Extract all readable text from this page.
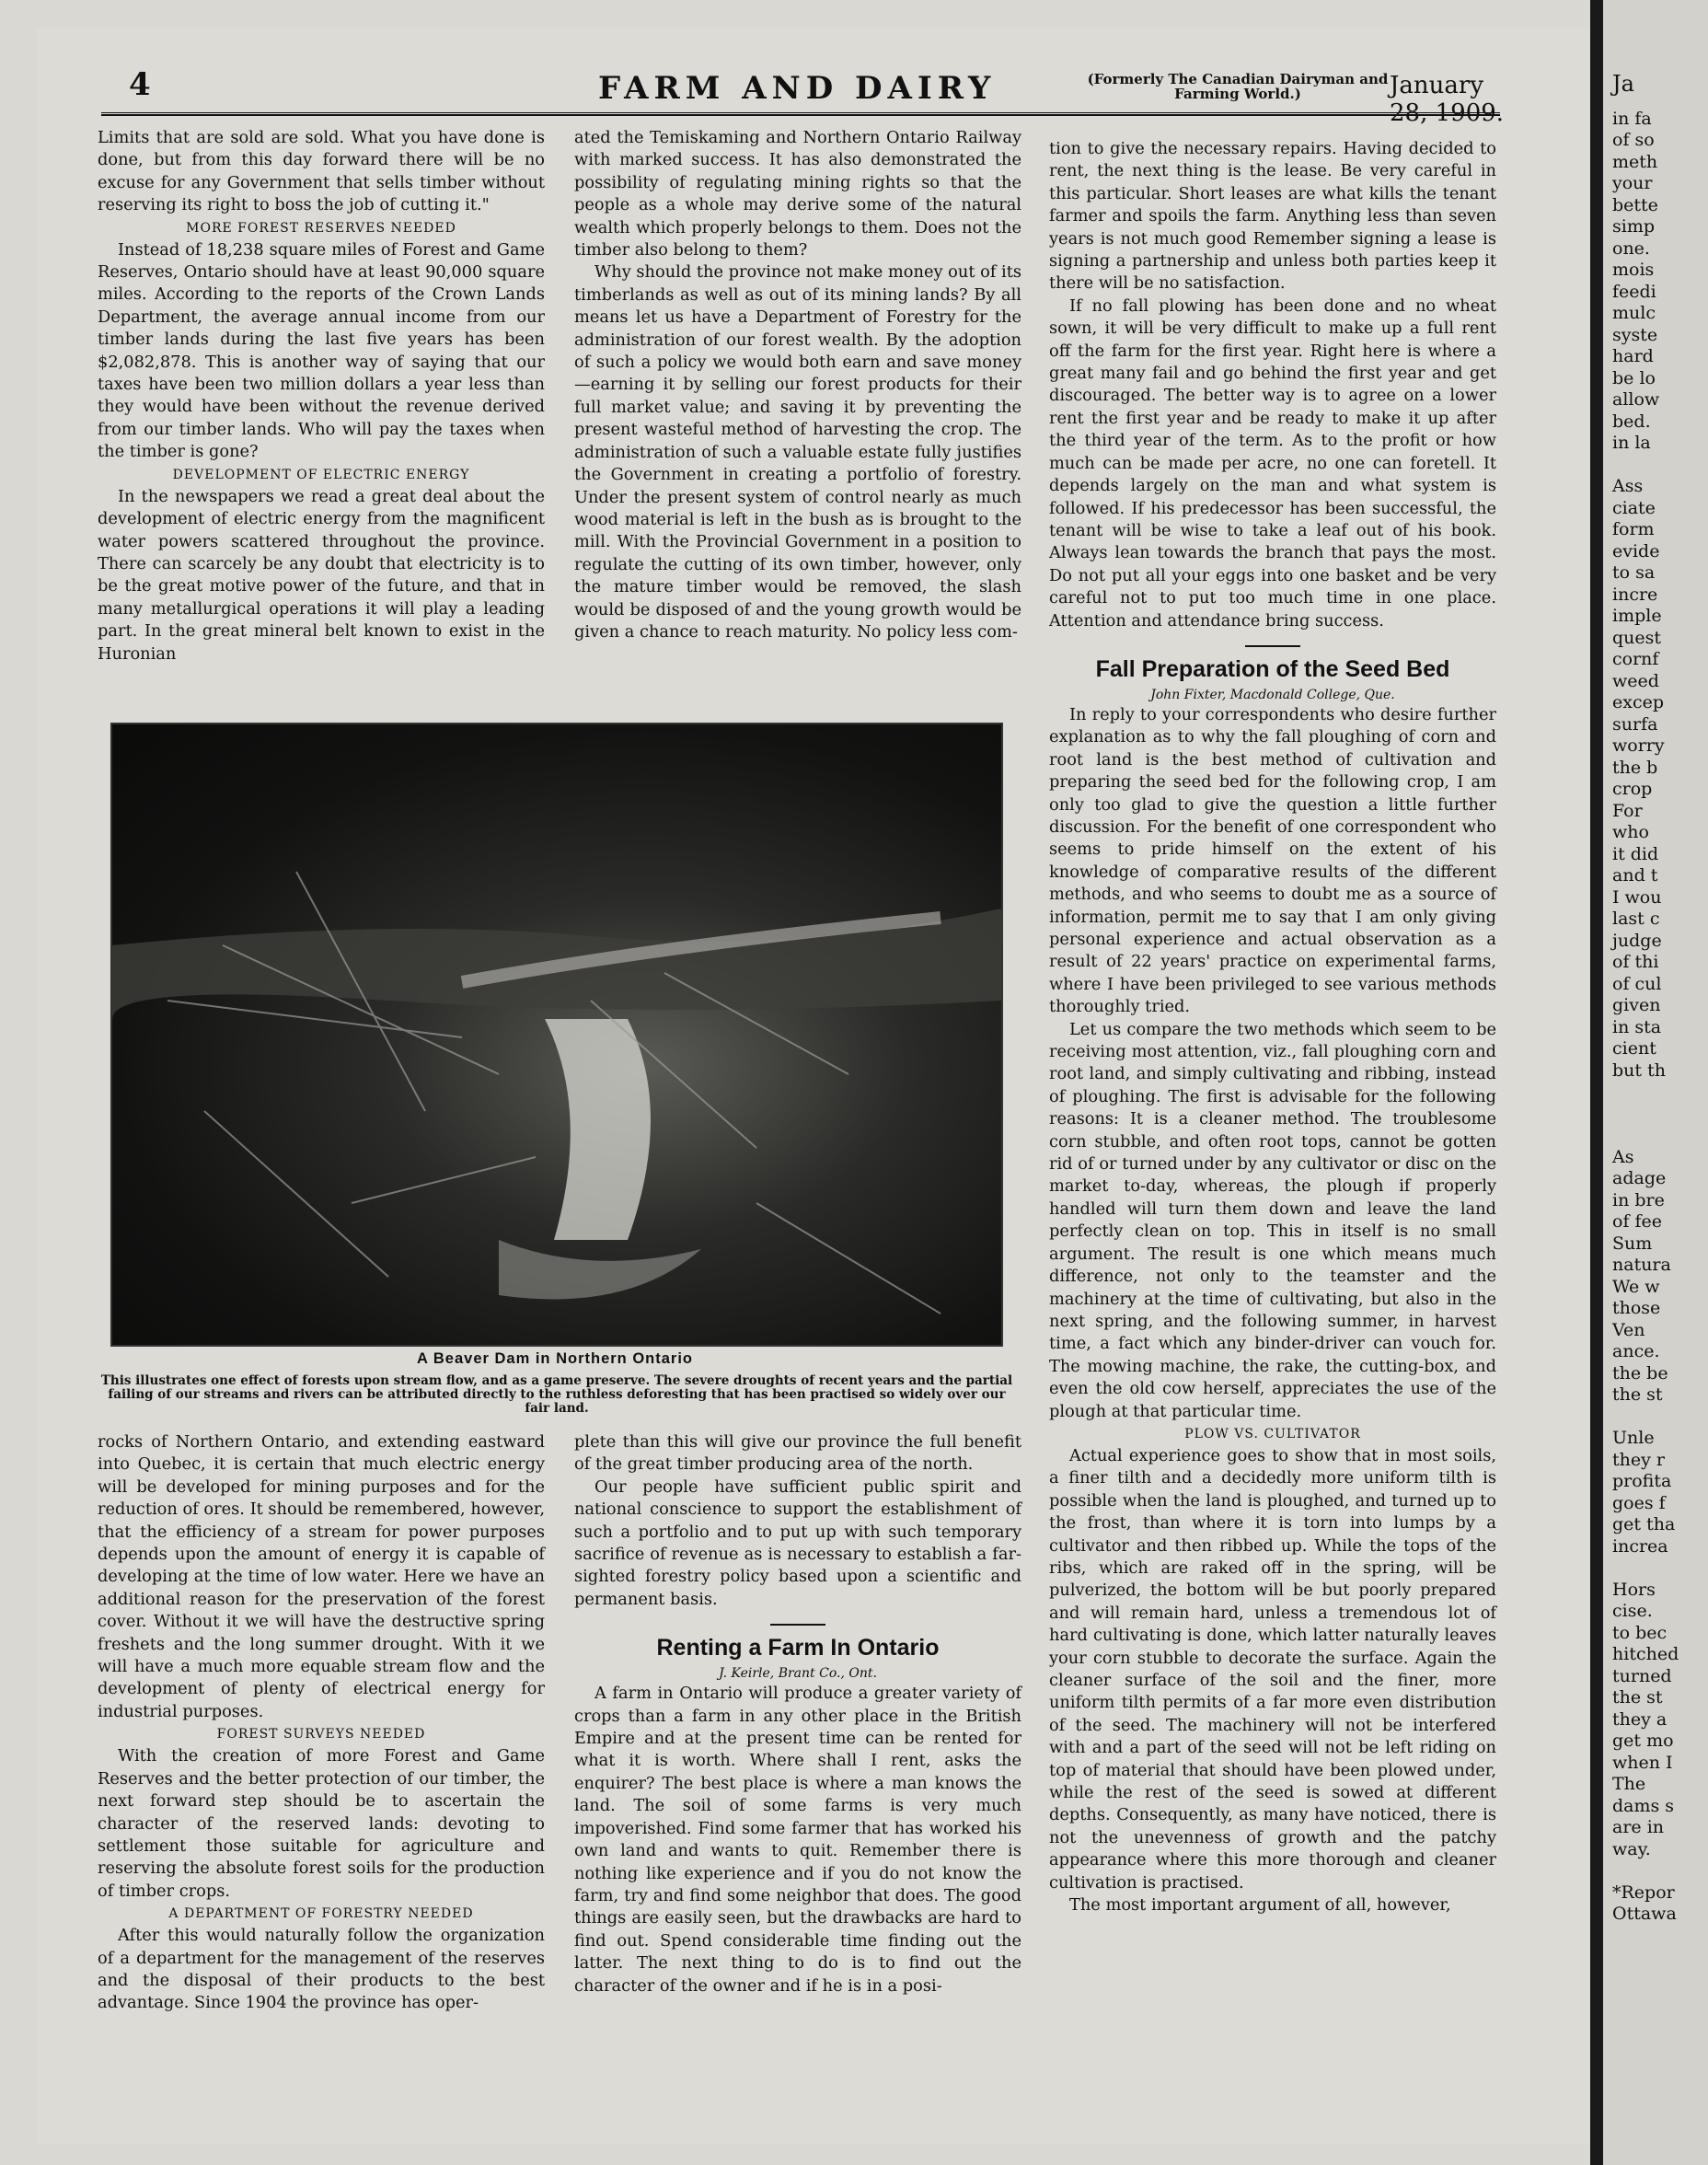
4	FARM AND DAIRY	(Formerly The Canadian Dairyman and Farming World.)	January 28, 1909.
Limits that are sold are sold. What you have done is done, but from this day forward there will be no excuse for any Government that sells timber without reserving its right to boss the job of cutting it."
MORE FOREST RESERVES NEEDED
Instead of 18,238 square miles of Forest and Game Reserves, Ontario should have at least 90,000 square miles. According to the reports of the Crown Lands Department, the average annual income from our timber lands during the last five years has been $2,082,878. This is another way of saying that our taxes have been two million dollars a year less than they would have been without the revenue derived from our timber lands. Who will pay the taxes when the timber is gone?
DEVELOPMENT OF ELECTRIC ENERGY
In the newspapers we read a great deal about the development of electric energy from the magnificent water powers scattered throughout the province. There can scarcely be any doubt that electricity is to be the great motive power of the future, and that in many metallurgical operations it will play a leading part. In the great mineral belt known to exist in the Huronian
ated the Temiskaming and Northern Ontario Railway with marked success. It has also demonstrated the possibility of regulating mining rights so that the people as a whole may derive some of the natural wealth which properly belongs to them. Does not the timber also belong to them?
Why should the province not make money out of its timberlands as well as out of its mining lands? By all means let us have a Department of Forestry for the administration of our forest wealth. By the adoption of such a policy we would both earn and save money—earning it by selling our forest products for their full market value; and saving it by preventing the present wasteful method of harvesting the crop. The administration of such a valuable estate fully justifies the Government in creating a portfolio of forestry. Under the present system of control nearly as much wood material is left in the bush as is brought to the mill. With the Provincial Government in a position to regulate the cutting of its own timber, however, only the mature timber would be removed, the slash would be disposed of and the young growth would be given a chance to reach maturity. No policy less com-
tion to give the necessary repairs. Having decided to rent, the next thing is the lease. Be very careful in this particular. Short leases are what kills the tenant farmer and spoils the farm. Anything less than seven years is not much good Remember signing a lease is signing a partnership and unless both parties keep it there will be no satisfaction.
If no fall plowing has been done and no wheat sown, it will be very difficult to make up a full rent off the farm for the first year. Right here is where a great many fail and go behind the first year and get discouraged. The better way is to agree on a lower rent the first year and be ready to make it up after the third year of the term. As to the profit or how much can be made per acre, no one can foretell. It depends largely on the man and what system is followed. If his predecessor has been successful, the tenant will be wise to take a leaf out of his book. Always lean towards the branch that pays the most. Do not put all your eggs into one basket and be very careful not to put too much time in one place. Attention and attendance bring success.
Fall Preparation of the Seed Bed
John Fixter, Macdonald College, Que.
In reply to your correspondents who desire further explanation as to why the fall ploughing of corn and root land is the best method of cultivation and preparing the seed bed for the following crop, I am only too glad to give the question a little further discussion. For the benefit of one correspondent who seems to pride himself on the extent of his knowledge of comparative results of the different methods, and who seems to doubt me as a source of information, permit me to say that I am only giving personal experience and actual observation as a result of 22 years' practice on experimental farms, where I have been privileged to see various methods thoroughly tried.
Let us compare the two methods which seem to be receiving most attention, viz., fall ploughing corn and root land, and simply cultivating and ribbing, instead of ploughing. The first is advisable for the following reasons: It is a cleaner method. The troublesome corn stubble, and often root tops, cannot be gotten rid of or turned under by any cultivator or disc on the market to-day, whereas, the plough if properly handled will turn them down and leave the land perfectly clean on top. This in itself is no small argument. The result is one which means much difference, not only to the teamster and the machinery at the time of cultivating, but also in the next spring, and the following summer, in harvest time, a fact which any binder-driver can vouch for. The mowing machine, the rake, the cutting-box, and even the old cow herself, appreciates the use of the plough at that particular time.
PLOW VS. CULTIVATOR
Actual experience goes to show that in most soils, a finer tilth and a decidedly more uniform tilth is possible when the land is ploughed, and turned up to the frost, than where it is torn into lumps by a cultivator and then ribbed up. While the tops of the ribs, which are raked off in the spring, will be pulverized, the bottom will be but poorly prepared and will remain hard, unless a tremendous lot of hard cultivating is done, which latter naturally leaves your corn stubble to decorate the surface. Again the cleaner surface of the soil and the finer, more uniform tilth permits of a far more even distribution of the seed. The machinery will not be interfered with and a part of the seed will not be left riding on top of material that should have been plowed under, while the rest of the seed is sowed at different depths. Consequently, as many have noticed, there is not the unevenness of growth and the patchy appearance where this more thorough and cleaner cultivation is practised.
The most important argument of all, however,
A Beaver Dam in Northern Ontario
This illustrates one effect of forests upon stream flow, and as a game preserve. The severe droughts of recent years and the partial failing of our streams and rivers can be attributed directly to the ruthless deforesting that has been practised so widely over our fair land.
rocks of Northern Ontario, and extending eastward into Quebec, it is certain that much electric energy will be developed for mining purposes and for the reduction of ores. It should be remembered, however, that the efficiency of a stream for power purposes depends upon the amount of energy it is capable of developing at the time of low water. Here we have an additional reason for the preservation of the forest cover. Without it we will have the destructive spring freshets and the long summer drought. With it we will have a much more equable stream flow and the development of plenty of electrical energy for industrial purposes.
FOREST SURVEYS NEEDED
With the creation of more Forest and Game Reserves and the better protection of our timber, the next forward step should be to ascertain the character of the reserved lands: devoting to settlement those suitable for agriculture and reserving the absolute forest soils for the production of timber crops.
A DEPARTMENT OF FORESTRY NEEDED
After this would naturally follow the organization of a department for the management of the reserves and the disposal of their products to the best advantage. Since 1904 the province has oper-
plete than this will give our province the full benefit of the great timber producing area of the north.
Our people have sufficient public spirit and national conscience to support the establishment of such a portfolio and to put up with such temporary sacrifice of revenue as is necessary to establish a far-sighted forestry policy based upon a scientific and permanent basis.
Renting a Farm In Ontario
J. Keirle, Brant Co., Ont.
A farm in Ontario will produce a greater variety of crops than a farm in any other place in the British Empire and at the present time can be rented for what it is worth. Where shall I rent, asks the enquirer? The best place is where a man knows the land. The soil of some farms is very much impoverished. Find some farmer that has worked his own land and wants to quit. Remember there is nothing like experience and if you do not know the farm, try and find some neighbor that does. The good things are easily seen, but the drawbacks are hard to find out. Spend considerable time finding out the latter. The next thing to do is to find out the character of the owner and if he is in a posi-
Ja
in fa
of so
meth
your
bette
simp
one.
mois
feedi
mulc
syste
hard
be lo
allow
bed.
in la

Ass
ciate
form
evide
to sa
incre
imple
quest
cornf
weed
excep
surfa
worry
the b
crop
For
who
it did
and t
I wou
last c
judge
of thi
of cul
given
in sta
cient
but th

As
adage
in bre
of fee
Sum
natura
We w
those
Ven
ance.
the be
the st

Unle
they r
profita
goes f
get tha
increa

Hors
cise.
to bec
hitched
turned
the st
they a
get mo
when I
The
dams s
are in
way.

*Repor
Ottawa
